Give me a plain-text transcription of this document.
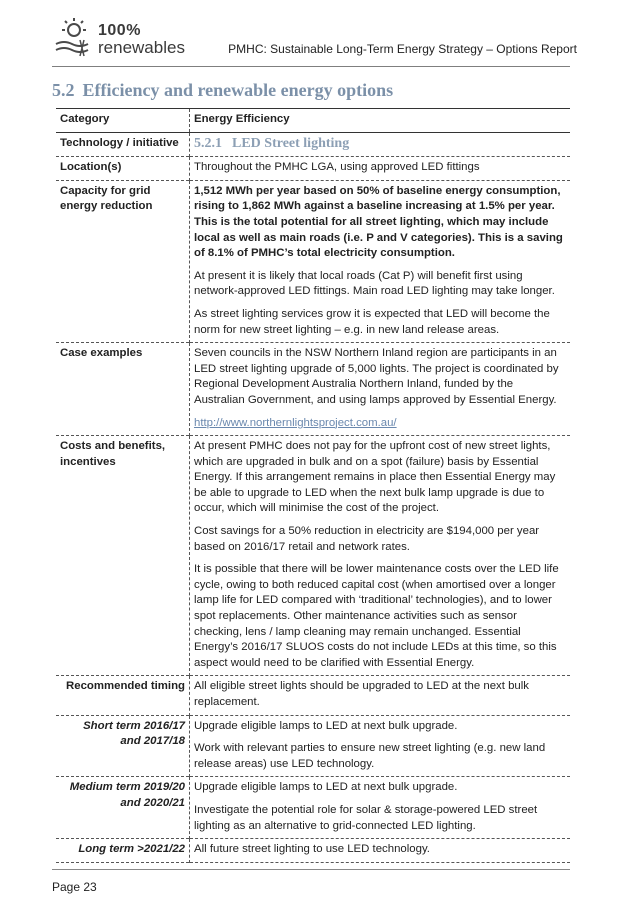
100%
renewables	PMHC: Sustainable Long-Term Energy Strategy – Options Report
5.2 Efficiency and renewable energy options
Category	Energy Efficiency
Technology / initiative	5.2.1 LED Street lighting
Location(s)	Throughout the PMHC LGA, using approved LED fittings
Capacity for grid energy reduction	1,512 MWh per year based on 50% of baseline energy consumption, rising to 1,862 MWh against a baseline increasing at 1.5% per year. This is the total potential for all street lighting, which may include local as well as main roads (i.e. P and V categories). This is a saving of 8.1% of PMHC’s total electricity consumption.

At present it is likely that local roads (Cat P) will benefit first using network-approved LED fittings. Main road LED lighting may take longer.

As street lighting services grow it is expected that LED will become the norm for new street lighting – e.g. in new land release areas.

Case examples	Seven councils in the NSW Northern Inland region are participants in an LED street lighting upgrade of 5,000 lights. The project is coordinated by Regional Development Australia Northern Inland, funded by the Australian Government, and using lamps approved by Essential Energy.

http://www.northernlightsproject.com.au/

Costs and benefits, incentives	At present PMHC does not pay for the upfront cost of new street lights, which are upgraded in bulk and on a spot (failure) basis by Essential Energy. If this arrangement remains in place then Essential Energy may be able to upgrade to LED when the next bulk lamp upgrade is due to occur, which will minimise the cost of the project.

Cost savings for a 50% reduction in electricity are $194,000 per year based on 2016/17 retail and network rates.

It is possible that there will be lower maintenance costs over the LED life cycle, owing to both reduced capital cost (when amortised over a longer lamp life for LED compared with ‘traditional’ technologies), and to lower spot replacements. Other maintenance activities such as sensor checking, lens / lamp cleaning may remain unchanged. Essential Energy’s 2016/17 SLUOS costs do not include LEDs at this time, so this aspect would need to be clarified with Essential Energy.

Recommended timing	All eligible street lights should be upgraded to LED at the next bulk replacement.
Short term 2016/17 and 2017/18	Upgrade eligible lamps to LED at next bulk upgrade.

Work with relevant parties to ensure new street lighting (e.g. new land release areas) use LED technology.

Medium term 2019/20 and 2020/21	Upgrade eligible lamps to LED at next bulk upgrade.

Investigate the potential role for solar & storage-powered LED street lighting as an alternative to grid-connected LED lighting.

Long term >2021/22	All future street lighting to use LED technology.
Page 23
